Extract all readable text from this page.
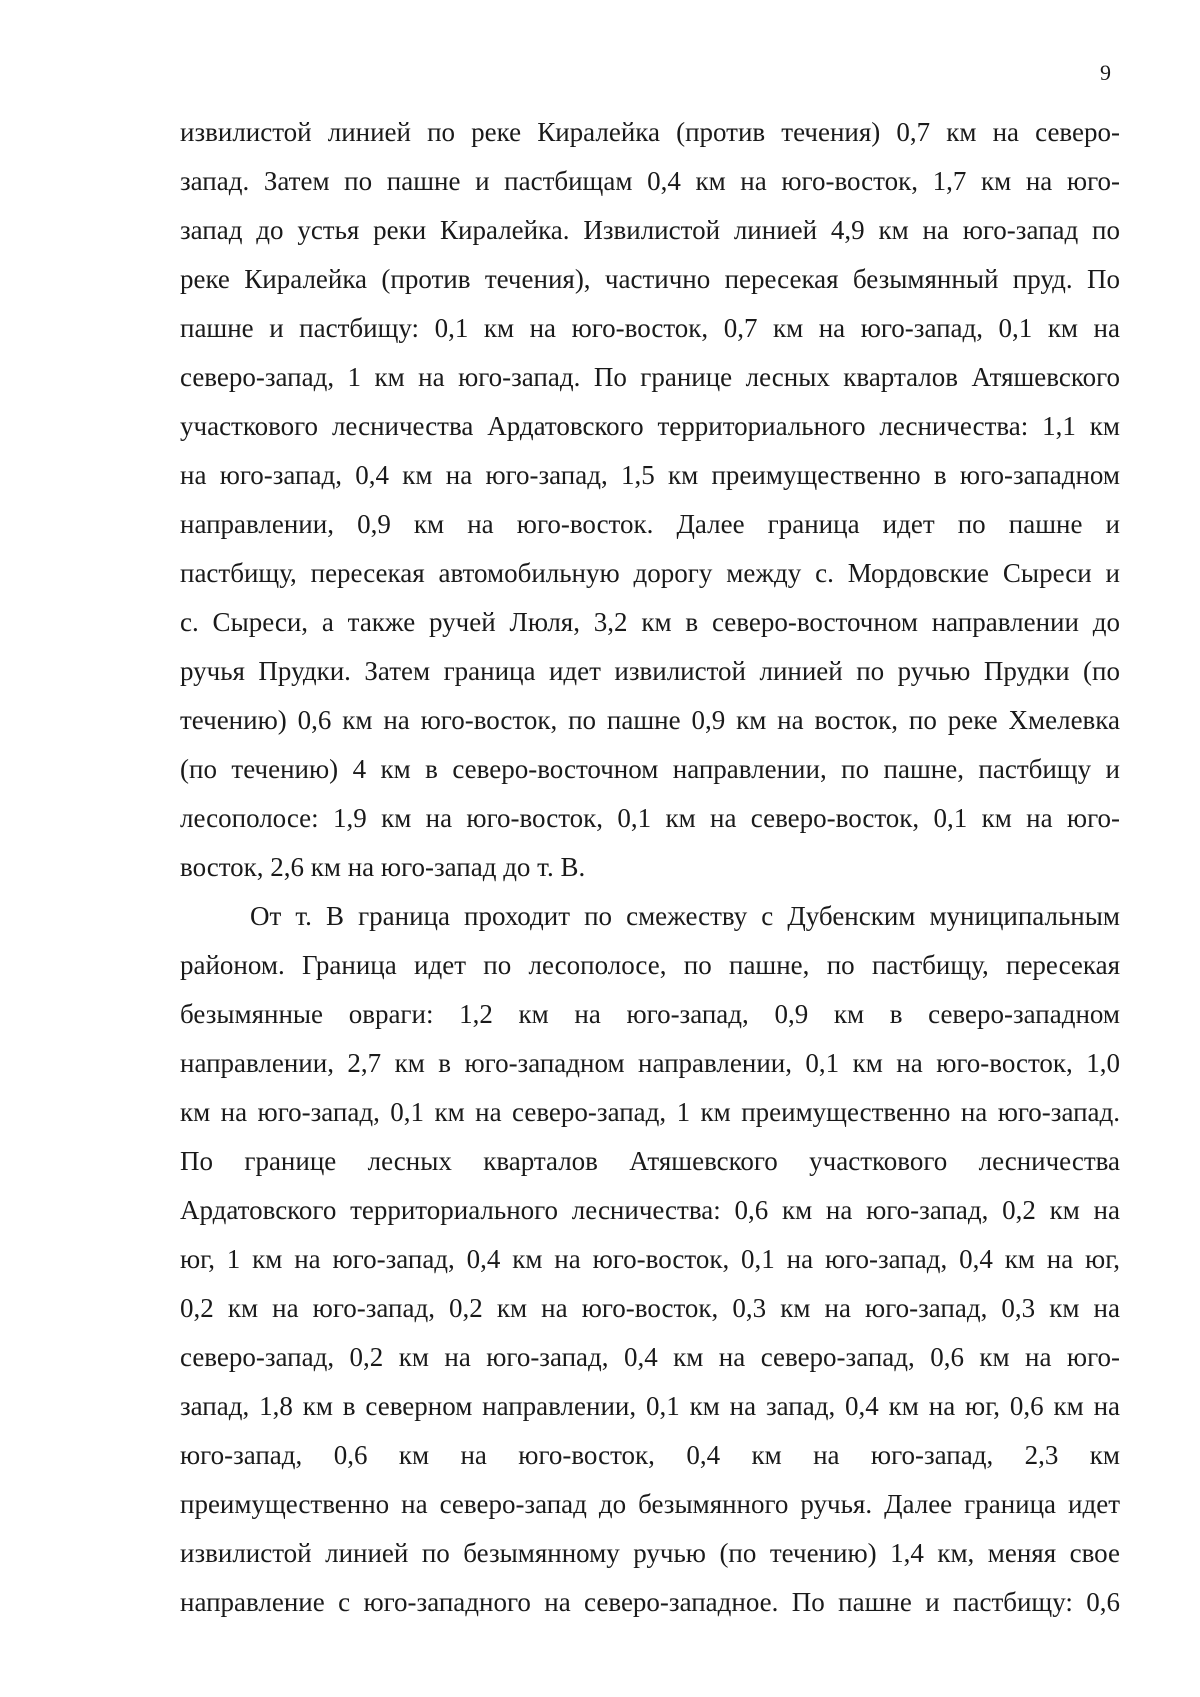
9
извилистой линией по реке Киралейка (против течения) 0,7 км на северо-
запад. Затем по пашне и пастбищам 0,4 км на юго-восток, 1,7 км на юго-
запад до устья реки Киралейка. Извилистой линией 4,9 км на юго-запад по
реке Киралейка (против течения), частично пересекая безымянный пруд. По
пашне и пастбищу: 0,1 км на юго-восток, 0,7 км на юго-запад, 0,1 км на
северо-запад, 1 км на юго-запад. По границе лесных кварталов Атяшевского
участкового лесничества Ардатовского территориального лесничества: 1,1 км
на юго-запад, 0,4 км на юго-запад, 1,5 км преимущественно в юго-западном
направлении, 0,9 км на юго-восток. Далее граница идет по пашне и
пастбищу, пересекая автомобильную дорогу между с. Мордовские Сыреси и
с. Сыреси, а также ручей Люля, 3,2 км в северо-восточном направлении до
ручья Прудки. Затем граница идет извилистой линией по ручью Прудки (по
течению) 0,6 км на юго-восток, по пашне 0,9 км на восток, по реке Хмелевка
(по течению) 4 км в северо-восточном направлении, по пашне, пастбищу и
лесополосе: 1,9 км на юго-восток, 0,1 км на северо-восток, 0,1 км на юго-
восток, 2,6 км на юго-запад до т. В.
От т. В граница проходит по смежеству с Дубенским муниципальным
районом. Граница идет по лесополосе, по пашне, по пастбищу, пересекая
безымянные овраги: 1,2 км на юго-запад, 0,9 км в северо-западном
направлении, 2,7 км в юго-западном направлении, 0,1 км на юго-восток, 1,0
км на юго-запад, 0,1 км на северо-запад, 1 км преимущественно на юго-запад.
По границе лесных кварталов Атяшевского участкового лесничества
Ардатовского территориального лесничества: 0,6 км на юго-запад, 0,2 км на
юг, 1 км на юго-запад, 0,4 км на юго-восток, 0,1 на юго-запад, 0,4 км на юг,
0,2 км на юго-запад, 0,2 км на юго-восток, 0,3 км на юго-запад, 0,3 км на
северо-запад, 0,2 км на юго-запад, 0,4 км на северо-запад, 0,6 км на юго-
запад, 1,8 км в северном направлении, 0,1 км на запад, 0,4 км на юг, 0,6 км на
юго-запад, 0,6 км на юго-восток, 0,4 км на юго-запад, 2,3 км
преимущественно на северо-запад до безымянного ручья. Далее граница идет
извилистой линией по безымянному ручью (по течению) 1,4 км, меняя свое
направление с юго-западного на северо-западное. По пашне и пастбищу: 0,6
